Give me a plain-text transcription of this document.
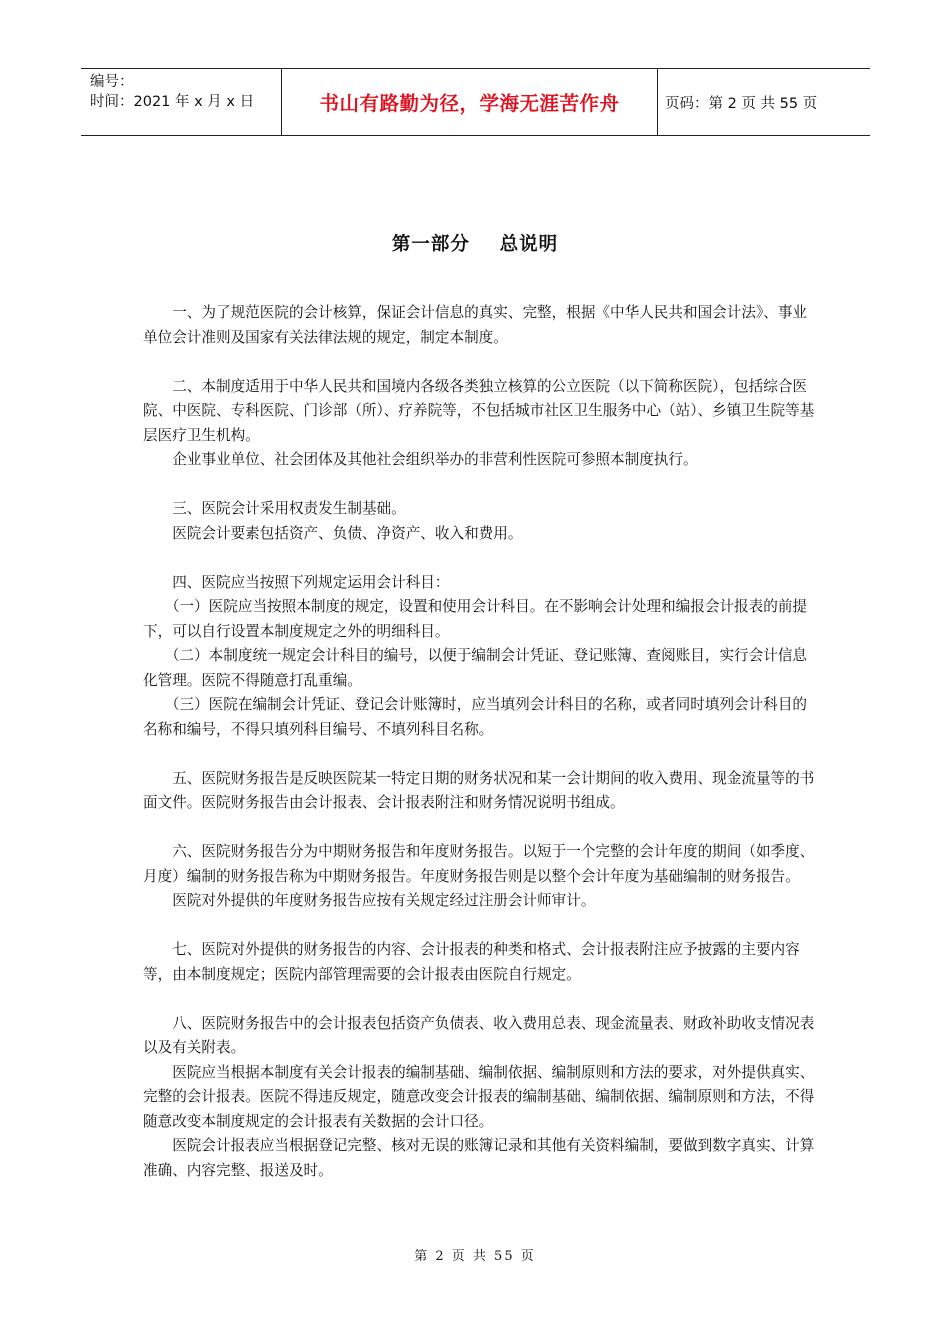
编号：
时间：2021 年 x 月 x 日	书山有路勤为径，学海无涯苦作舟	页码：第 2 页 共 55 页
第一部分    总说明

一、为了规范医院的会计核算，保证会计信息的真实、完整，根据《中华人民共和国会计法》、事业单位会计准则及国家有关法律法规的规定，制定本制度。

二、本制度适用于中华人民共和国境内各级各类独立核算的公立医院（以下简称医院），包括综合医院、中医院、专科医院、门诊部（所）、疗养院等，不包括城市社区卫生服务中心（站）、乡镇卫生院等基层医疗卫生机构。

企业事业单位、社会团体及其他社会组织举办的非营利性医院可参照本制度执行。

三、医院会计采用权责发生制基础。

医院会计要素包括资产、负债、净资产、收入和费用。

四、医院应当按照下列规定运用会计科目：

（一）医院应当按照本制度的规定，设置和使用会计科目。在不影响会计处理和编报会计报表的前提下，可以自行设置本制度规定之外的明细科目。

（二）本制度统一规定会计科目的编号，以便于编制会计凭证、登记账簿、查阅账目，实行会计信息化管理。医院不得随意打乱重编。

（三）医院在编制会计凭证、登记会计账簿时，应当填列会计科目的名称，或者同时填列会计科目的名称和编号，不得只填列科目编号、不填列科目名称。

五、医院财务报告是反映医院某一特定日期的财务状况和某一会计期间的收入费用、现金流量等的书面文件。医院财务报告由会计报表、会计报表附注和财务情况说明书组成。

六、医院财务报告分为中期财务报告和年度财务报告。以短于一个完整的会计年度的期间（如季度、月度）编制的财务报告称为中期财务报告。年度财务报告则是以整个会计年度为基础编制的财务报告。

医院对外提供的年度财务报告应按有关规定经过注册会计师审计。

七、医院对外提供的财务报告的内容、会计报表的种类和格式、会计报表附注应予披露的主要内容等，由本制度规定；医院内部管理需要的会计报表由医院自行规定。

八、医院财务报告中的会计报表包括资产负债表、收入费用总表、现金流量表、财政补助收支情况表以及有关附表。

医院应当根据本制度有关会计报表的编制基础、编制依据、编制原则和方法的要求，对外提供真实、完整的会计报表。医院不得违反规定，随意改变会计报表的编制基础、编制依据、编制原则和方法，不得随意改变本制度规定的会计报表有关数据的会计口径。

医院会计报表应当根据登记完整、核对无误的账簿记录和其他有关资料编制，要做到数字真实、计算准确、内容完整、报送及时。

第 2 页 共 55 页
